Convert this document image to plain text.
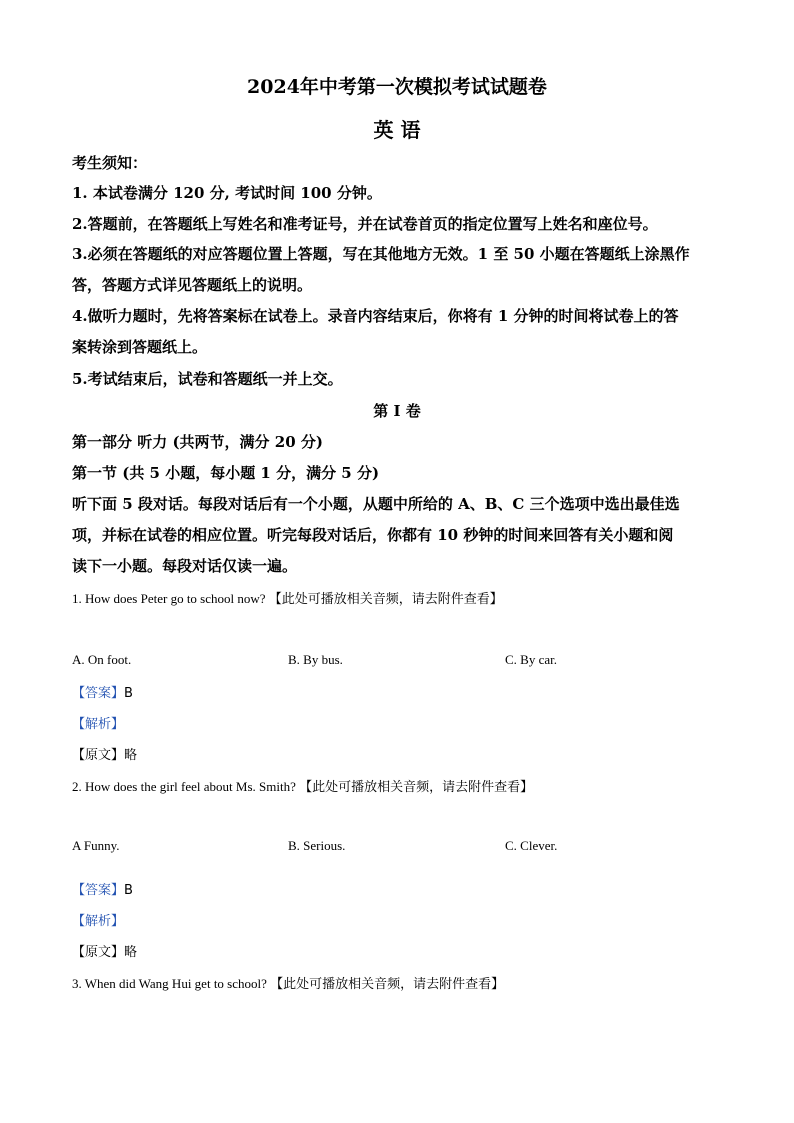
2024年中考第一次模拟考试试题卷
英 语
考生须知：
1. 本试卷满分 120 分, 考试时间 100 分钟。
2.答题前，在答题纸上写姓名和准考证号，并在试卷首页的指定位置写上姓名和座位号。
3.必须在答题纸的对应答题位置上答题，写在其他地方无效。1 至 50 小题在答题纸上涂黑作
答，答题方式详见答题纸上的说明。
4.做听力题时，先将答案标在试卷上。录音内容结束后，你将有 1 分钟的时间将试卷上的答
案转涂到答题纸上。
5.考试结束后，试卷和答题纸一并上交。
第 I 卷
第一部分 听力 (共两节，满分 20 分)
第一节 (共 5 小题，每小题 1 分，满分 5 分)
听下面 5 段对话。每段对话后有一个小题，从题中所给的 A、B、C 三个选项中选出最佳选
项，并标在试卷的相应位置。听完每段对话后，你都有 10 秒钟的时间来回答有关小题和阅
读下一小题。每段对话仅读一遍。
1. How does Peter go to school now? 【此处可播放相关音频，请去附件查看】
A. On foot.	B. By bus.	C. By car.
【答案】B
【解析】
【原文】略
2. How does the girl feel about Ms. Smith? 【此处可播放相关音频，请去附件查看】
A Funny.	B. Serious.	C. Clever.
【答案】B
【解析】
【原文】略
3. When did Wang Hui get to school? 【此处可播放相关音频，请去附件查看】
